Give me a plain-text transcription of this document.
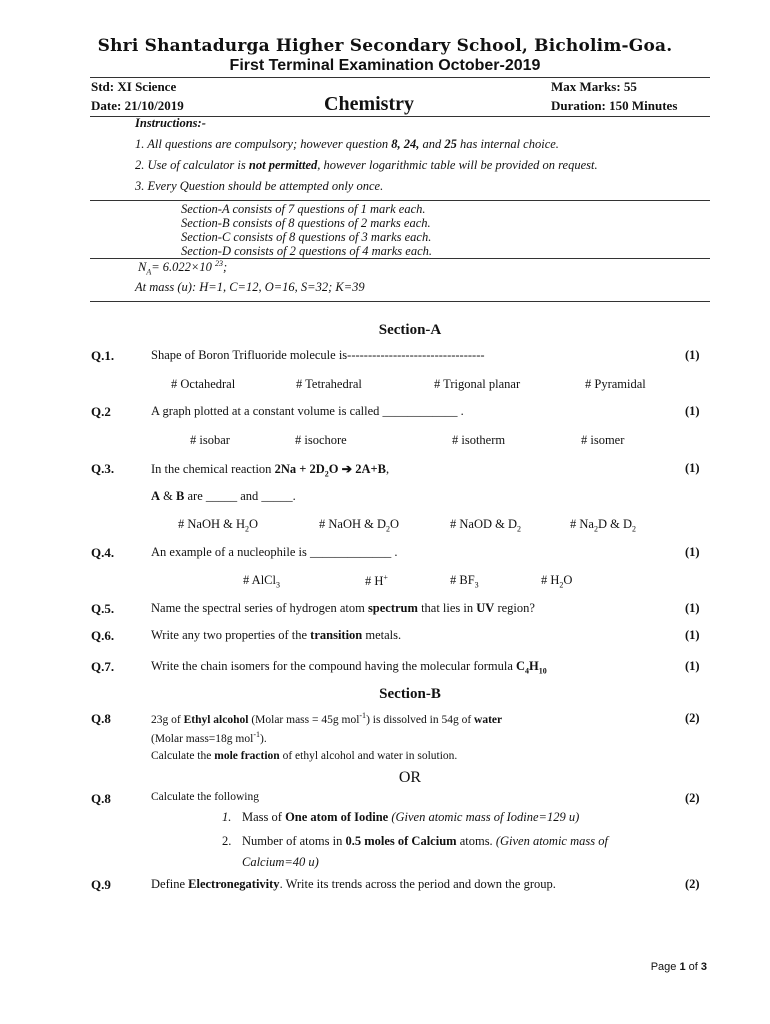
Shri Shantadurga Higher Secondary School, Bicholim-Goa.
First Terminal Examination October-2019
Std: XI Science	Max Marks: 55
Date: 21/10/2019	Chemistry	Duration: 150 Minutes
Instructions:-
1. All questions are compulsory; however question 8, 24, and 25 has internal choice.
2. Use of calculator is not permitted, however logarithmic table will be provided on request.
3. Every Question should be attempted only once.
Section-A consists of 7 questions of 1 mark each.
Section-B consists of 8 questions of 2 marks each.
Section-C consists of 8 questions of 3 marks each.
Section-D consists of 2 questions of 4 marks each.
$N_A= 6.022\times 10$ $^{23}$;
At mass (u): H=1, C=12, O=16, S=32; K=39
Section-A
Q.1.	Shape of Boron Trifluoride molecule is---------------------------------	(1)
# Octahedral	# Tetrahedral	# Trigonal planar	# Pyramidal
Q.2	A graph plotted at a constant volume is called ____________ .	(1)
# isobar	# isochore	# isotherm	# isomer
Q.3.	In the chemical reaction $2Na + 2D_2O$ ➔ 2A+B,	(1)
A & B are _____ and _____.
# NaOH & $H_2O$	# NaOH & $D_2O$	# NaOD & $D_2$	# $Na_2D$ & $D_2$
Q.4.	An example of a nucleophile is _____________ .	(1)
# AlCl$_3$	# H+	# $BF_3$	# $H_2O$
Q.5.	Name the spectral series of hydrogen atom spectrum that lies in UV region?	(1)
Q.6.	Write any two properties of the transition metals.	(1)
Q.7.	Write the chain isomers for the compound having the molecular formula $C_4H_{10}$	(1)
Section-B
Q.8	23g of Ethyl alcohol (Molar mass = 45g mol$^{-1}$) is dissolved in 54g of water	(2)
(Molar mass=18g mol$^{-1}$).
Calculate the mole fraction of ethyl alcohol and water in solution.
OR
Q.8	Calculate the following	(2)
1. Mass of One atom of Iodine (Given atomic mass of Iodine=129 u)
2. Number of atoms in 0.5 moles of Calcium atoms. (Given atomic mass of
Calcium=40 u)
Q.9	Define Electronegativity. Write its trends across the period and down the group.	(2)
Page 1 of 3
